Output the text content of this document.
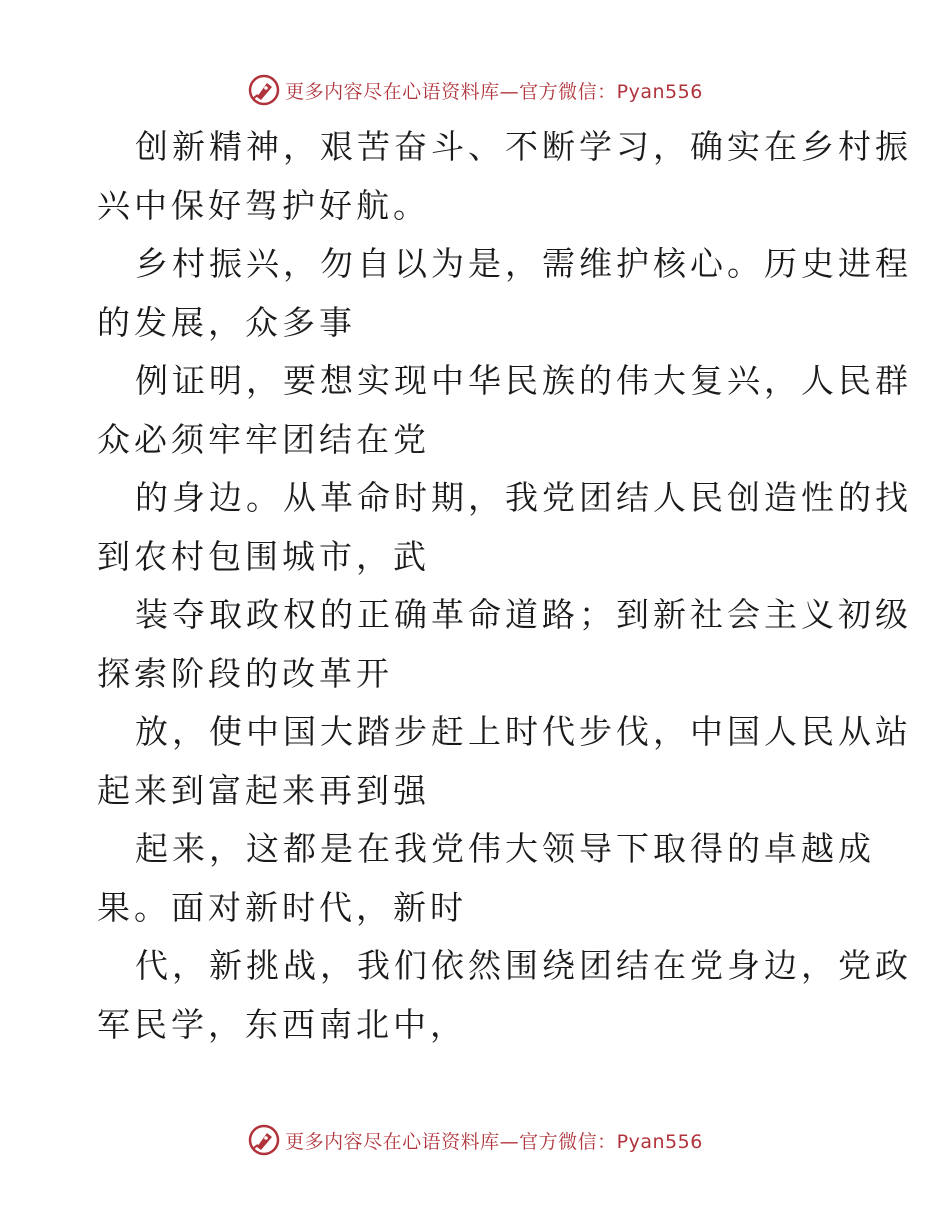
更多内容尽在心语资料库—官方微信：Pyan556

创新精神，艰苦奋斗、不断学习，确实在乡村振

兴中保好驾护好航。

乡村振兴，勿自以为是，需维护核心。历史进程

的发展，众多事

例证明，要想实现中华民族的伟大复兴，人民群

众必须牢牢团结在党

的身边。从革命时期，我党团结人民创造性的找

到农村包围城市，武

装夺取政权的正确革命道路；到新社会主义初级

探索阶段的改革开

放，使中国大踏步赶上时代步伐，中国人民从站

起来到富起来再到强

起来，这都是在我党伟大领导下取得的卓越成

果。面对新时代，新时

代，新挑战，我们依然围绕团结在党身边，党政

军民学，东西南北中，

更多内容尽在心语资料库—官方微信：Pyan556
